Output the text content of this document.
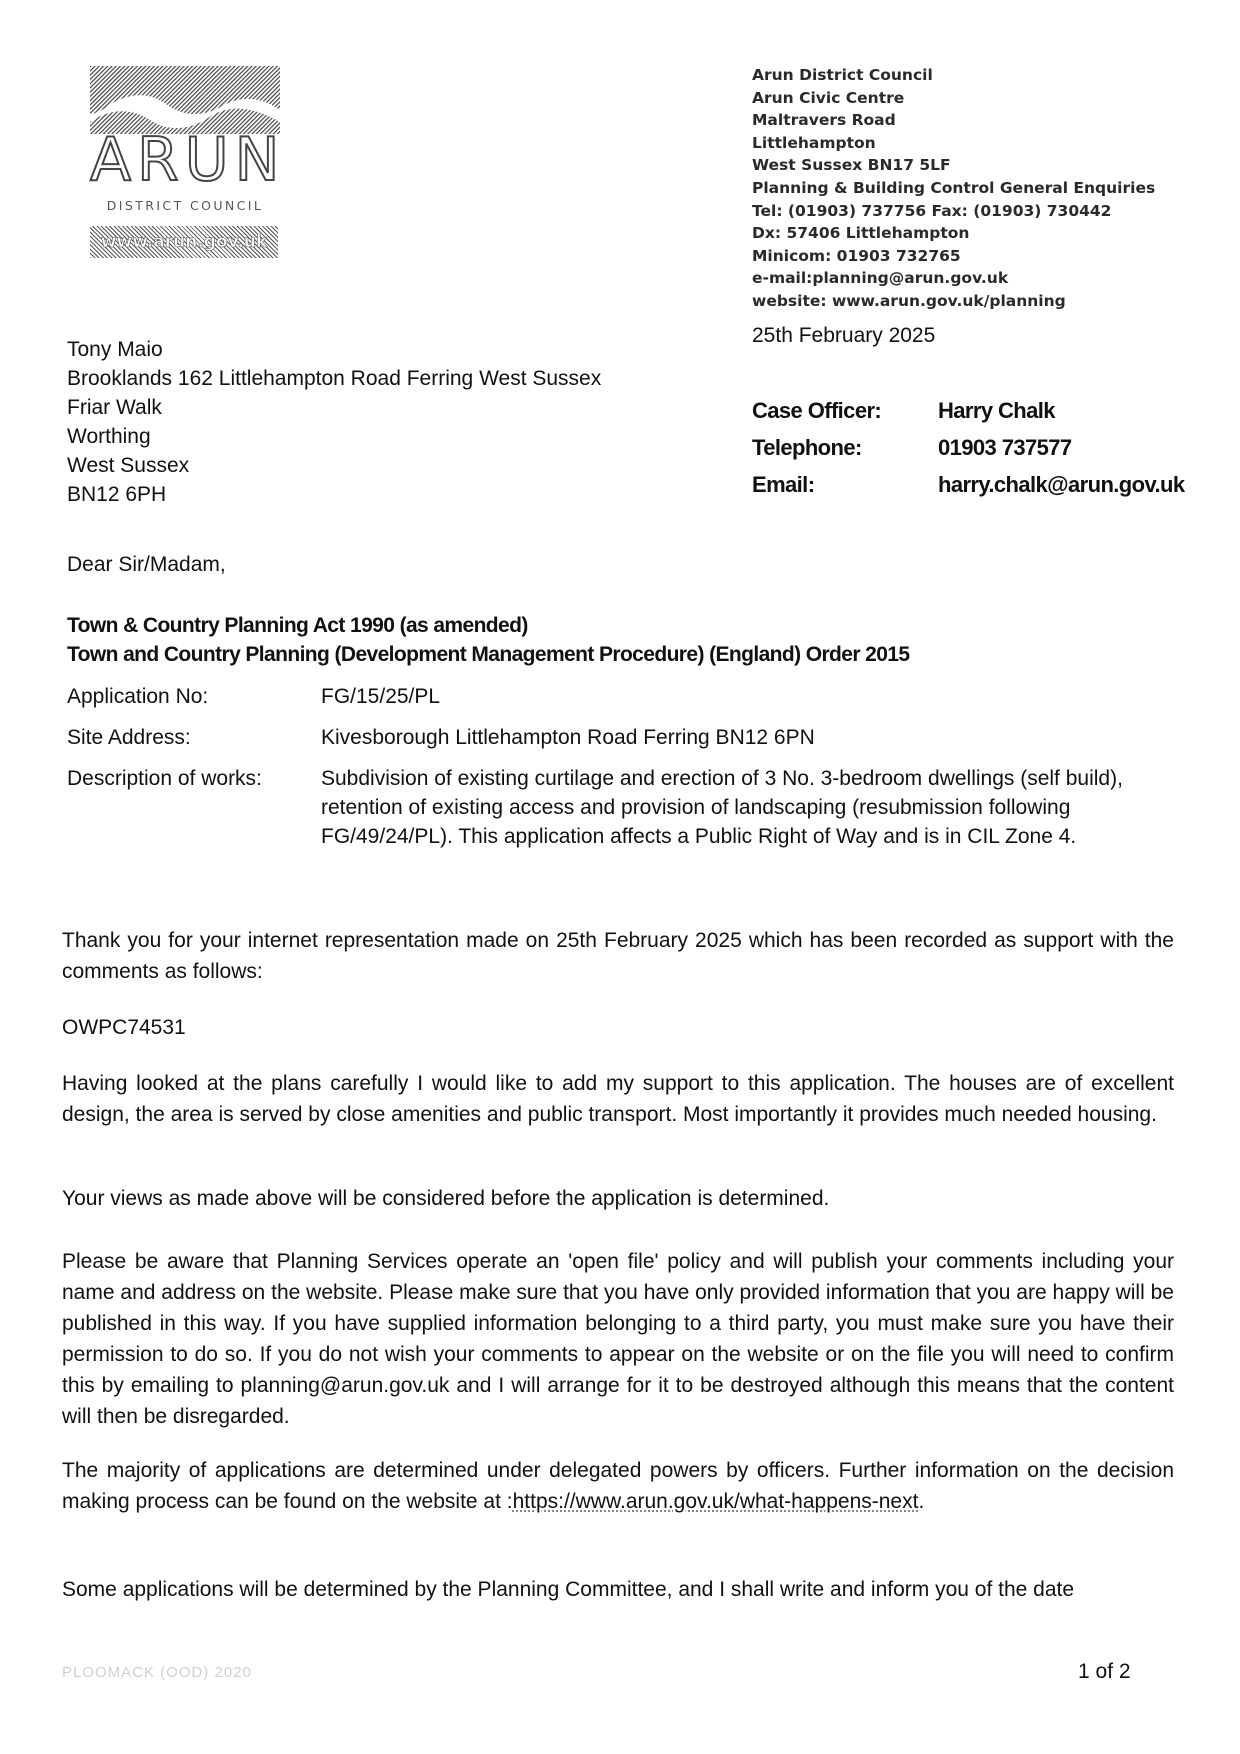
ARUN
DISTRICT COUNCIL
www.arun.gov.uk
Arun District Council
Arun Civic Centre
Maltravers Road
Littlehampton
West Sussex BN17 5LF
Planning & Building Control General Enquiries
Tel: (01903) 737756 Fax: (01903) 730442
Dx: 57406 Littlehampton
Minicom: 01903 732765
e-mail:planning@arun.gov.uk
website: www.arun.gov.uk/planning
25th February 2025
Tony Maio
Brooklands 162 Littlehampton Road Ferring West Sussex
Friar Walk
Worthing
West Sussex
BN12 6PH
Case Officer:	Harry Chalk
Telephone:	01903 737577
Email:	harry.chalk@arun.gov.uk
Dear Sir/Madam,
Town & Country Planning Act 1990 (as amended)
Town and Country Planning (Development Management Procedure) (England) Order 2015
Application No:	FG/15/25/PL
Site Address:	Kivesborough Littlehampton Road Ferring BN12 6PN
Description of works:	Subdivision of existing curtilage and erection of 3 No. 3-bedroom dwellings (self build), retention of existing access and provision of landscaping (resubmission following FG/49/24/PL). This application affects a Public Right of Way and is in CIL Zone 4.

Thank you for your internet representation made on 25th February 2025 which has been recorded as support with the comments as follows:

OWPC74531

Having looked at the plans carefully I would like to add my support to this application. The houses are of excellent design, the area is served by close amenities and public transport. Most importantly it provides much needed housing.

Your views as made above will be considered before the application is determined.

Please be aware that Planning Services operate an 'open file' policy and will publish your comments including your name and address on the website. Please make sure that you have only provided information that you are happy will be published in this way. If you have supplied information belonging to a third party, you must make sure you have their permission to do so. If you do not wish your comments to appear on the website or on the file you will need to confirm this by emailing to planning@arun.gov.uk and I will arrange for it to be destroyed although this means that the content will then be disregarded.

The majority of applications are determined under delegated powers by officers. Further information on the decision making process can be found on the website at :https://www.arun.gov.uk/what-happens-next.

Some applications will be determined by the Planning Committee, and I shall write and inform you of the date

PLOOMACK (OOD) 2020	1 of 2
